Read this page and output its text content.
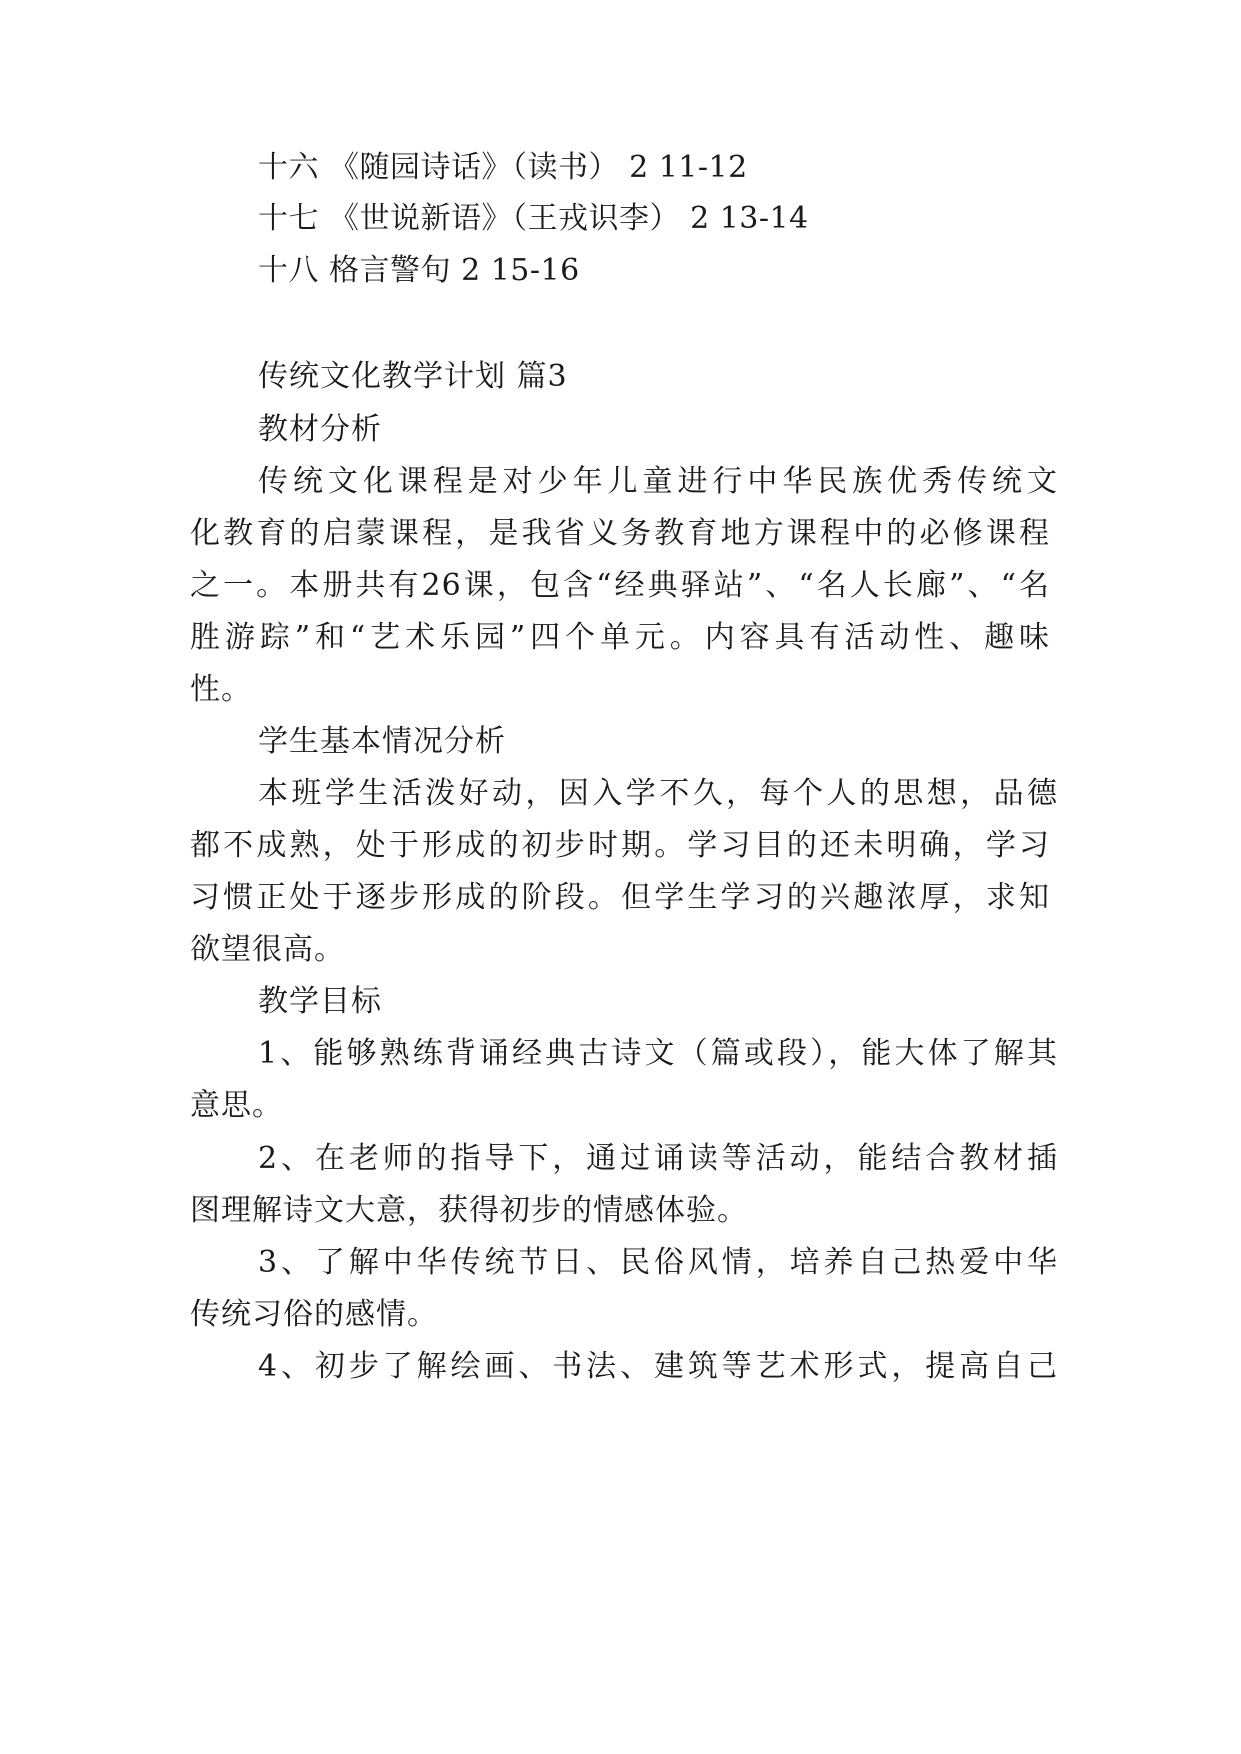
十六 《随园诗话》（读书） 2 11-12
十七 《世说新语》（王戎识李） 2 13-14
十八 格言警句 2 15-16
传统文化教学计划 篇3
教材分析
传统文化课程是对少年儿童进行中华民族优秀传统文
化教育的启蒙课程，是我省义务教育地方课程中的必修课程
之一。本册共有26课，包含“经典驿站”、“名人长廊”、“名
胜游踪”和“艺术乐园”四个单元。内容具有活动性、趣味
性。
学生基本情况分析
本班学生活泼好动，因入学不久，每个人的思想，品德
都不成熟，处于形成的初步时期。学习目的还未明确，学习
习惯正处于逐步形成的阶段。但学生学习的兴趣浓厚，求知
欲望很高。
教学目标
1、能够熟练背诵经典古诗文（篇或段），能大体了解其
意思。
2、在老师的指导下，通过诵读等活动，能结合教材插
图理解诗文大意，获得初步的情感体验。
3、了解中华传统节日、民俗风情，培养自己热爱中华
传统习俗的感情。
4、初步了解绘画、书法、建筑等艺术形式，提高自己
